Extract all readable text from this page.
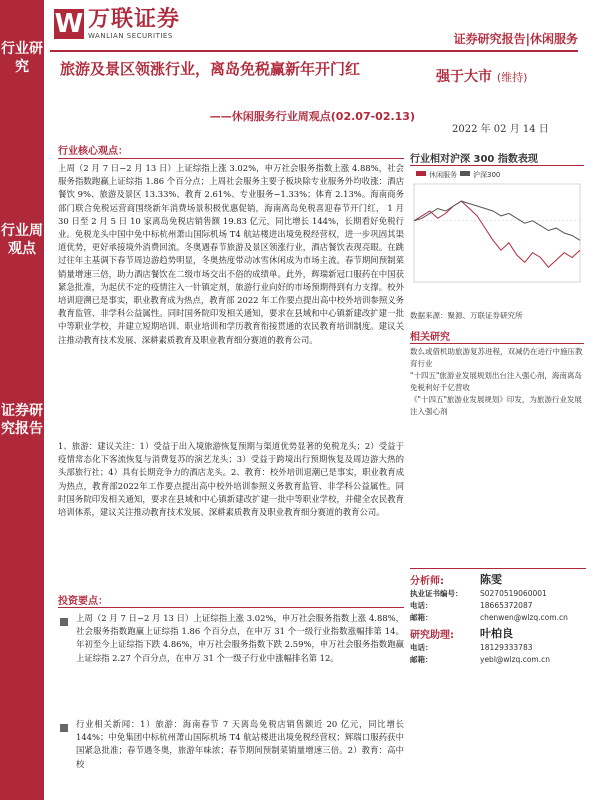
行业研究
行业周观点
证券研究报告
W 万联证券
WANLIAN SECURITIES	证券研究报告|休闲服务
旅游及景区领涨行业，离岛免税赢新年开门红
——休闲服务行业周观点(02.07-02.13)
强于大市 (维持)
2022 年 02 月 14 日
行业核心观点：
上周（2 月 7 日−2 月 13 日）上证综指上涨 3.02%，申万社会服务指数上涨 4.88%，社会服务指数跑赢上证综指 1.86 个百分点；上周社会服务主要子板块除专业服务外均收涨：酒店餐饮 9%、旅游及景区 13.33%、教育 2.61%、专业服务−1.33%；体育 2.13%。海南商务部门联合免税运营商围绕新年消费场景积极优惠促销，海南离岛免税喜迎春节开门红， 1 月 30 日至 2 月 5 日 10 家离岛免税店销售额 19.83 亿元，同比增长 144%，长期看好免税行业。免税龙头中国中免中标杭州萧山国际机场 T4 航站楼进出境免税经营权，进一步巩固其渠道优势，更好承接境外消费回流。冬奥遇春节旅游及景区领涨行业，酒店餐饮表现亮眼。在跳过往年主基调下春节周边游趋势明显，冬奥热度带动冰雪休闲成为市场主流。春节期间预制菜销量增速三倍，助力酒店餐饮在二级市场交出不俗的成绩单。此外，辉瑞新冠口服药在中国获紧急批准，为起伏不定的疫情注入一针镇定剂，旅游行业向好的市场预期得到有力支撑。校外培训迎溯已是事实，职业教育成为热点，教育部 2022 年工作要点提出高中校外培训参照义务教育监管、非学科公益属性。同时国务院印发相关通知，要求在县域和中心镇新建改扩建一批中等职业学校，并建立短期培训、职业培训和学历教育衔接贯通的农民教育培训制度。建议关注推动教育技术发展、深耕素质教育及职业教育细分赛道的教育公司。
1、旅游：建议关注：1）受益于出入境旅游恢复预期与渠道优势显著的免税龙头；2）受益于疫情常态化下客流恢复与消费复苏的演艺龙头；3）受益于跨境出行预期恢复及周边游大热的头部旅行社；4）具有长期竞争力的酒店龙头。2、教育：校外培训退潮已是事实，职业教育成为热点，教育部2022年工作要点提出高中校外培训参照义务教育监管、非学科公益属性。同时国务院印发相关通知，要求在县域和中心镇新建改扩建一批中等职业学校，并健全农民教育培训体系，建议关注推动教育技术发展、深耕素质教育及职业教育细分赛道的教育公司。
投资要点：
上周（2 月 7 日−2 月 13 日）上证综指上涨 3.02%，申万社会服务指数上涨 4.88%，社会服务指数跑赢上证综指 1.86 个百分点，在申万 31 个一级行业指数涨幅排第 14。年初至今上证综指下跌 4.86%，申万社会服务指数下跌 2.59%，申万社会服务指数跑赢上证综指 2.27 个百分点，在申万 31 个一级子行业中涨幅排名第 12。
行业相关新闻：1）旅游：海南春节 7 天离岛免税店销售额近 20 亿元，同比增长 144%；中免集团中标杭州萧山国际机场 T4 航站楼进出境免税经营权；辉瑞口服药获中国紧急批准；春节遇冬奥，旅游年味浓；春节期间预制菜销量增速三倍。2）教育：高中校
行业相对沪深 300 指数表现
休闲服务 沪深300
数据来源：聚源、万联证券研究所
相关研究
数么或借机助旅游复苏进程，双减仍在进行中施压教育行业
"十四五"旅游业发展规划出台注入强心剂，海南离岛免税利好千亿营收
《"十四五"旅游业发展规划》印发，为旅游行业发展注入强心剂
分析师:	陈雯
执业证书编号：	S0270519060001
电话：	18665372087
邮箱：	chenwen@wlzq.com.cn
研究助理:	叶柏良
电话：	18129333783
邮箱：	yebl@wlzq.com.cn
